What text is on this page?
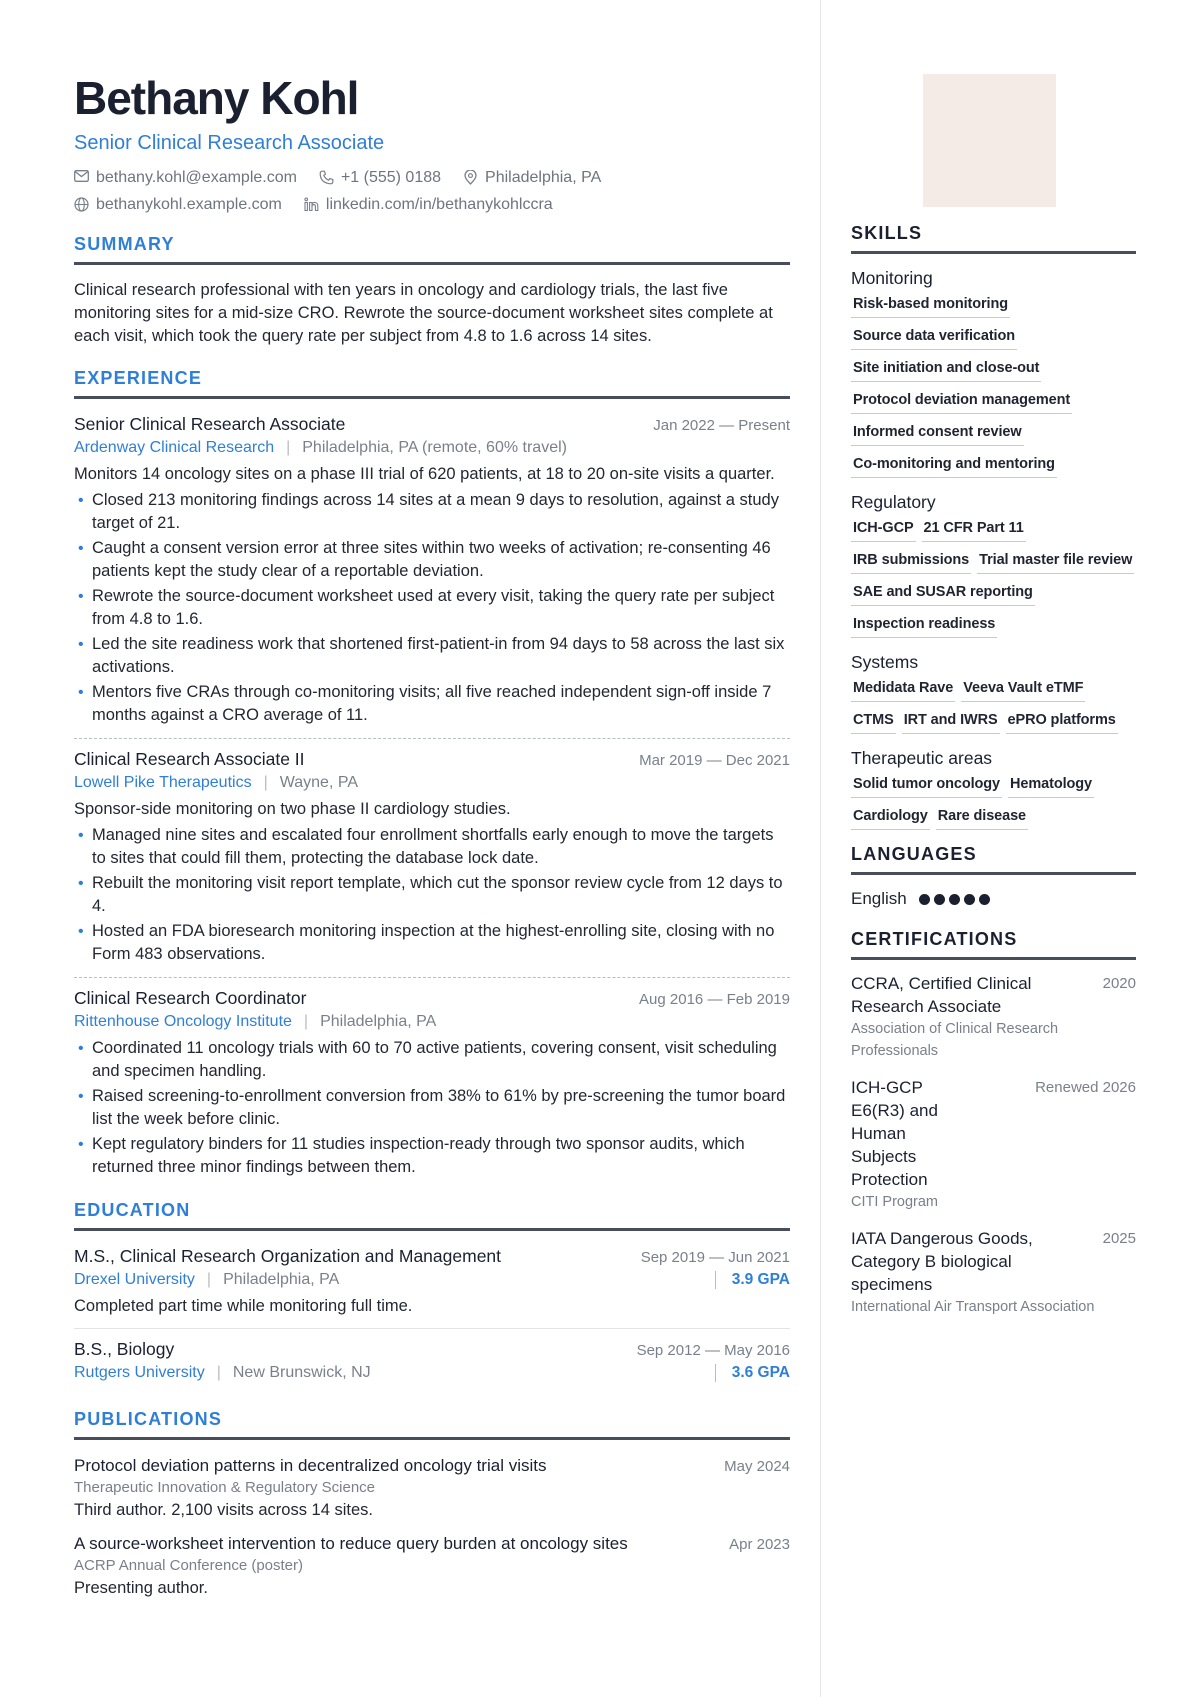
Bethany Kohl
Senior Clinical Research Associate
bethany.kohl@example.com	+1 (555) 0188	Philadelphia, PA
bethanykohl.example.com	linkedin.com/in/bethanykohlccra
SUMMARY
Clinical research professional with ten years in oncology and cardiology trials, the last five monitoring sites for a mid-size CRO. Rewrote the source-document worksheet sites complete at each visit, which took the query rate per subject from 4.8 to 1.6 across 14 sites.
EXPERIENCE
Senior Clinical Research Associate	Jan 2022 — Present
Ardenway Clinical Research | Philadelphia, PA (remote, 60% travel)
Monitors 14 oncology sites on a phase III trial of 620 patients, at 18 to 20 on-site visits a quarter.
• Closed 213 monitoring findings across 14 sites at a mean 9 days to resolution, against a study target of 21.
• Caught a consent version error at three sites within two weeks of activation; re-consenting 46 patients kept the study clear of a reportable deviation.
• Rewrote the source-document worksheet used at every visit, taking the query rate per subject from 4.8 to 1.6.
• Led the site readiness work that shortened first-patient-in from 94 days to 58 across the last six activations.
• Mentors five CRAs through co-monitoring visits; all five reached independent sign-off inside 7 months against a CRO average of 11.
Clinical Research Associate II	Mar 2019 — Dec 2021
Lowell Pike Therapeutics | Wayne, PA
Sponsor-side monitoring on two phase II cardiology studies.
• Managed nine sites and escalated four enrollment shortfalls early enough to move the targets to sites that could fill them, protecting the database lock date.
• Rebuilt the monitoring visit report template, which cut the sponsor review cycle from 12 days to 4.
• Hosted an FDA bioresearch monitoring inspection at the highest-enrolling site, closing with no Form 483 observations.
Clinical Research Coordinator	Aug 2016 — Feb 2019
Rittenhouse Oncology Institute | Philadelphia, PA
• Coordinated 11 oncology trials with 60 to 70 active patients, covering consent, visit scheduling and specimen handling.
• Raised screening-to-enrollment conversion from 38% to 61% by pre-screening the tumor board list the week before clinic.
• Kept regulatory binders for 11 studies inspection-ready through two sponsor audits, which returned three minor findings between them.
EDUCATION
M.S., Clinical Research Organization and Management	Sep 2019 — Jun 2021
Drexel University | Philadelphia, PA	3.9 GPA
Completed part time while monitoring full time.
B.S., Biology	Sep 2012 — May 2016
Rutgers University | New Brunswick, NJ	3.6 GPA
PUBLICATIONS
Protocol deviation patterns in decentralized oncology trial visits	May 2024
Therapeutic Innovation & Regulatory Science
Third author. 2,100 visits across 14 sites.
A source-worksheet intervention to reduce query burden at oncology sites	Apr 2023
ACRP Annual Conference (poster)
Presenting author.
SKILLS
Monitoring
Risk-based monitoring
Source data verification
Site initiation and close-out
Protocol deviation management
Informed consent review
Co-monitoring and mentoring
Regulatory
ICH-GCP 21 CFR Part 11
IRB submissions Trial master file review
SAE and SUSAR reporting
Inspection readiness
Systems
Medidata Rave Veeva Vault eTMF
CTMS IRT and IWRS ePRO platforms
Therapeutic areas
Solid tumor oncology Hematology
Cardiology Rare disease
LANGUAGES
English
CERTIFICATIONS
CCRA, Certified Clinical Research Associate
2020
Association of Clinical Research Professionals
ICH-GCP E6(R3) and Human Subjects Protection
Renewed 2026
CITI Program
IATA Dangerous Goods, Category B biological specimens
2025
International Air Transport Association
